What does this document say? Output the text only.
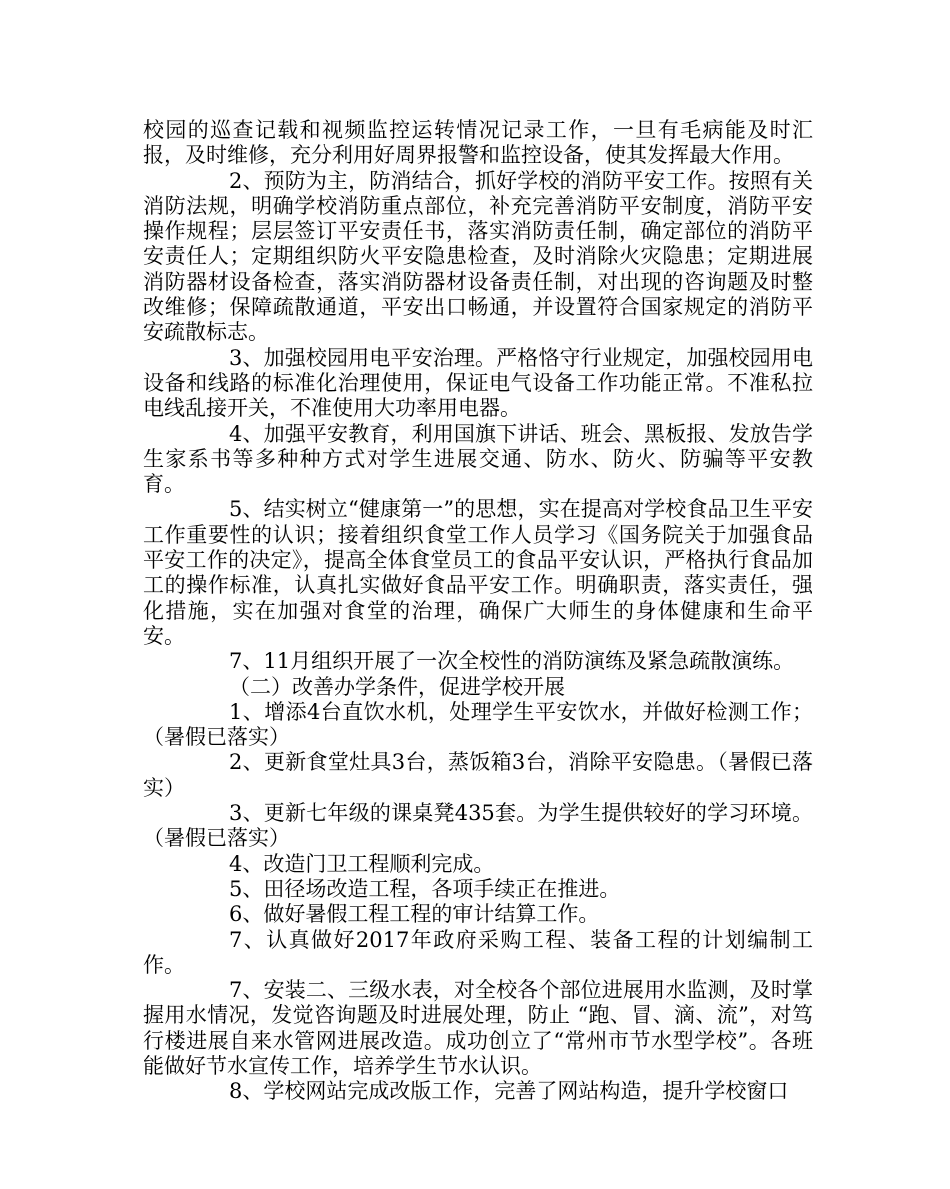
校园的巡查记载和视频监控运转情况记录工作，一旦有毛病能及时汇报，及时维修，充分利用好周界报警和监控设备，使其发挥最大作用。

2、预防为主，防消结合，抓好学校的消防平安工作。按照有关消防法规，明确学校消防重点部位，补充完善消防平安制度，消防平安操作规程；层层签订平安责任书，落实消防责任制，确定部位的消防平安责任人；定期组织防火平安隐患检查，及时消除火灾隐患；定期进展消防器材设备检查，落实消防器材设备责任制，对出现的咨询题及时整改维修；保障疏散通道，平安出口畅通，并设置符合国家规定的消防平安疏散标志。

3、加强校园用电平安治理。严格恪守行业规定，加强校园用电设备和线路的标准化治理使用，保证电气设备工作功能正常。不准私拉电线乱接开关，不准使用大功率用电器。

4、加强平安教育，利用国旗下讲话、班会、黑板报、发放告学生家系书等多种种方式对学生进展交通、防水、防火、防骗等平安教育。

5、结实树立“健康第一”的思想，实在提高对学校食品卫生平安工作重要性的认识；接着组织食堂工作人员学习《国务院关于加强食品平安工作的决定》，提高全体食堂员工的食品平安认识，严格执行食品加工的操作标准，认真扎实做好食品平安工作。明确职责，落实责任，强化措施，实在加强对食堂的治理，确保广大师生的身体健康和生命平安。

7、11月组织开展了一次全校性的消防演练及紧急疏散演练。

（二）改善办学条件，促进学校开展

1、增添4台直饮水机，处理学生平安饮水，并做好检测工作；（暑假已落实）

2、更新食堂灶具3台，蒸饭箱3台，消除平安隐患。（暑假已落实）

3、更新七年级的课桌凳435套。为学生提供较好的学习环境。（暑假已落实）

4、改造门卫工程顺利完成。

5、田径场改造工程，各项手续正在推进。

6、做好暑假工程工程的审计结算工作。

7、认真做好2017年政府采购工程、装备工程的计划编制工作。

7、安装二、三级水表，对全校各个部位进展用水监测，及时掌握用水情况，发觉咨询题及时进展处理，防止 “跑、冒、滴、流”，对笃行楼进展自来水管网进展改造。成功创立了“常州市节水型学校”。各班能做好节水宣传工作，培养学生节水认识。

8、学校网站完成改版工作，完善了网站构造，提升学校窗口
